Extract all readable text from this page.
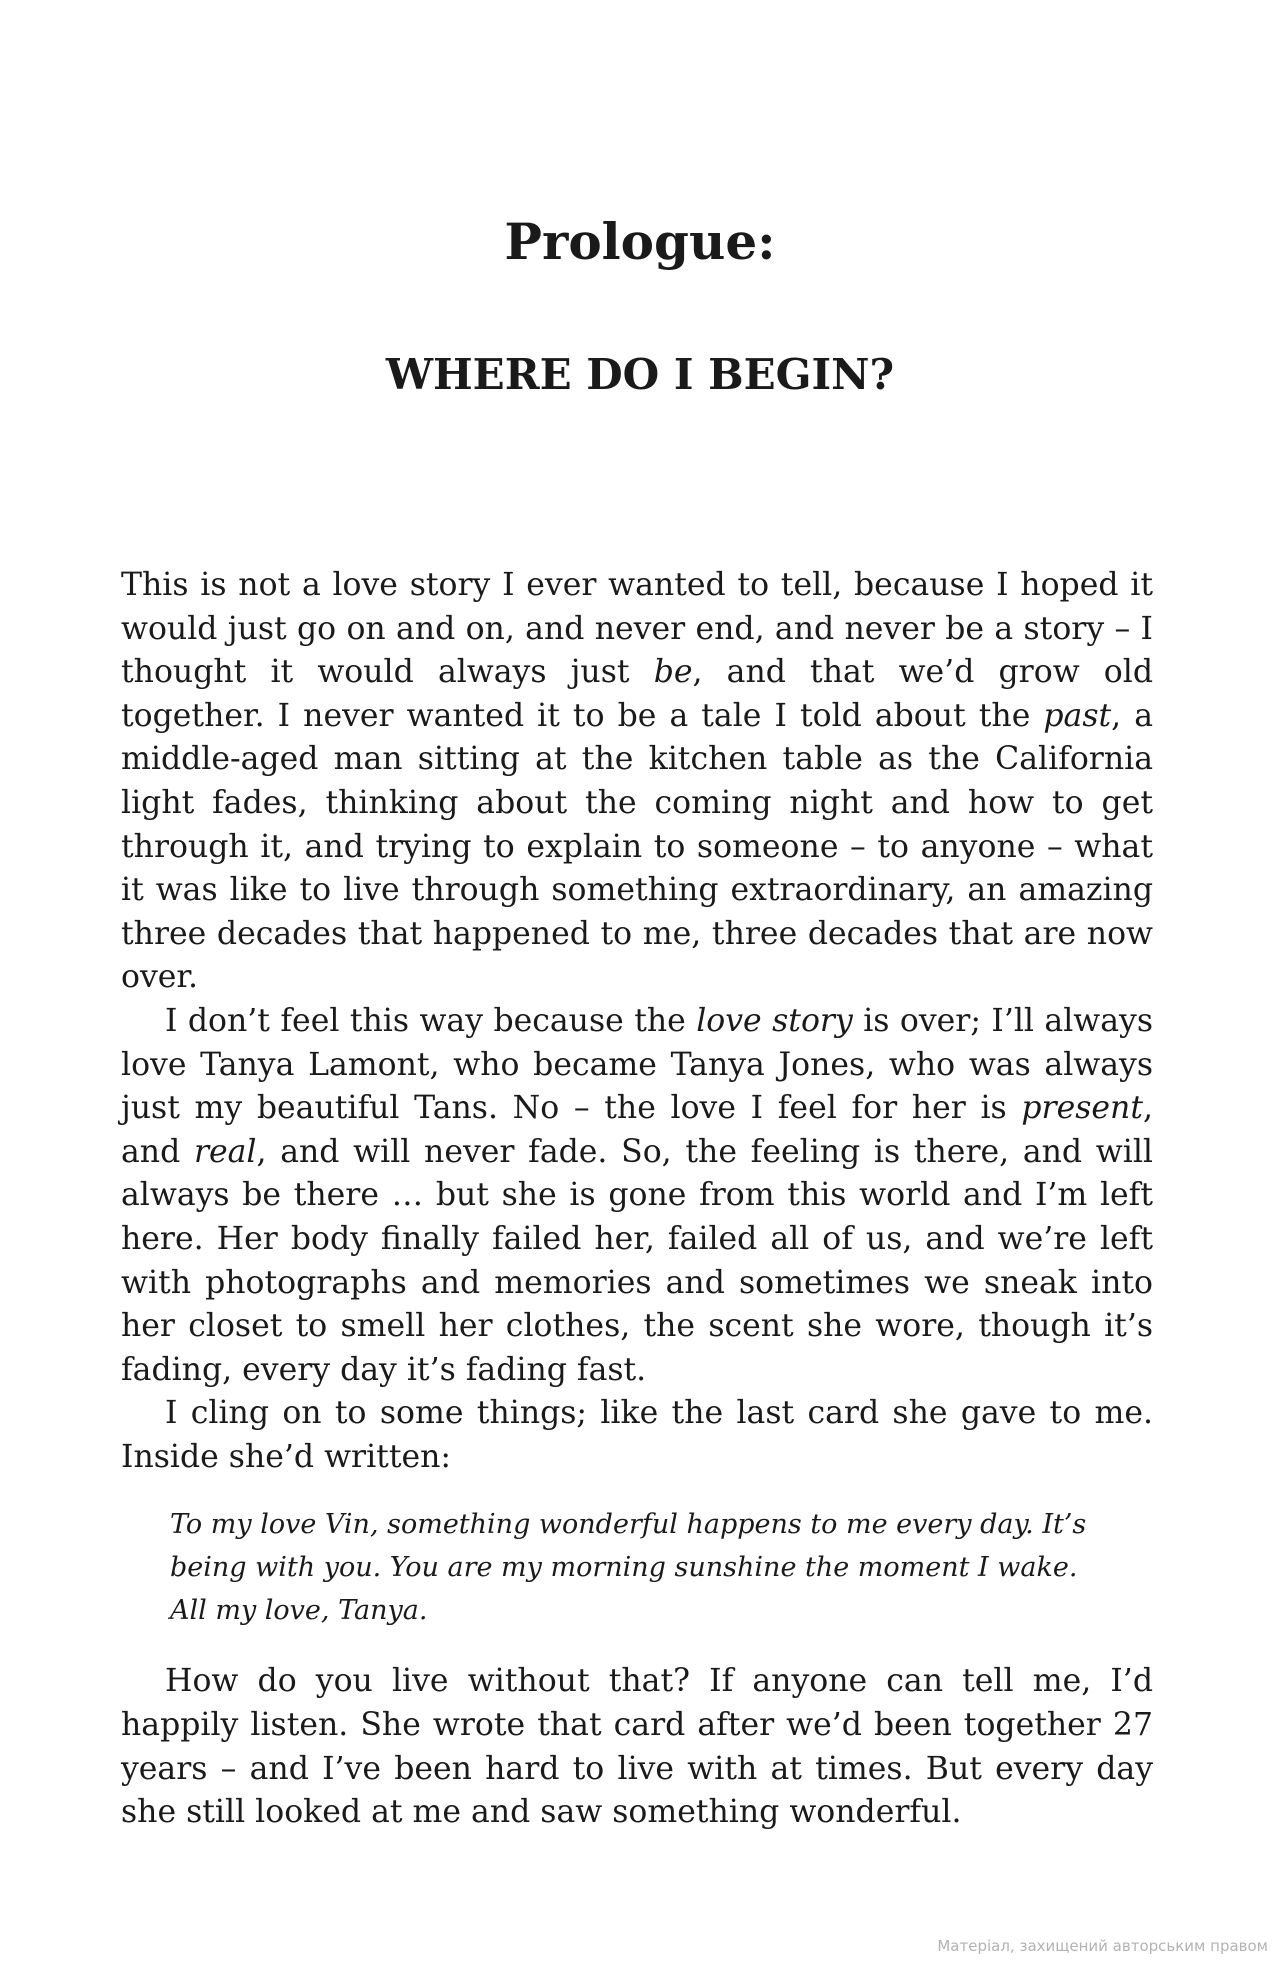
Prologue:
WHERE DO I BEGIN?

This is not a love story I ever wanted to tell, because I hoped it would just go on and on, and never end, and never be a story – I thought it would always just be, and that we’d grow old together. I never wanted it to be a tale I told about the past, a middle-aged man sitting at the kitchen table as the California light fades, thinking about the coming night and how to get through it, and trying to explain to someone – to anyone – what it was like to live through something extraordinary, an amazing three decades that happened to me, three decades that are now over.

I don’t feel this way because the love story is over; I’ll always love Tanya Lamont, who became Tanya Jones, who was always just my beautiful Tans. No – the love I feel for her is present, and real, and will never fade. So, the feeling is there, and will always be there … but she is gone from this world and I’m left here. Her body finally failed her, failed all of us, and we’re left with photographs and memories and sometimes we sneak into her closet to smell her clothes, the scent she wore, though it’s fading, every day it’s fading fast.

I cling on to some things; like the last card she gave to me. Inside she’d written:

To my love Vin, something wonderful happens to me every day. It’s being with you. You are my morning sunshine the moment I wake. All my love, Tanya.

How do you live without that? If anyone can tell me, I’d happily listen. She wrote that card after we’d been together 27 years – and I’ve been hard to live with at times. But every day she still looked at me and saw something wonderful.

Матеріал, захищений авторським правом
